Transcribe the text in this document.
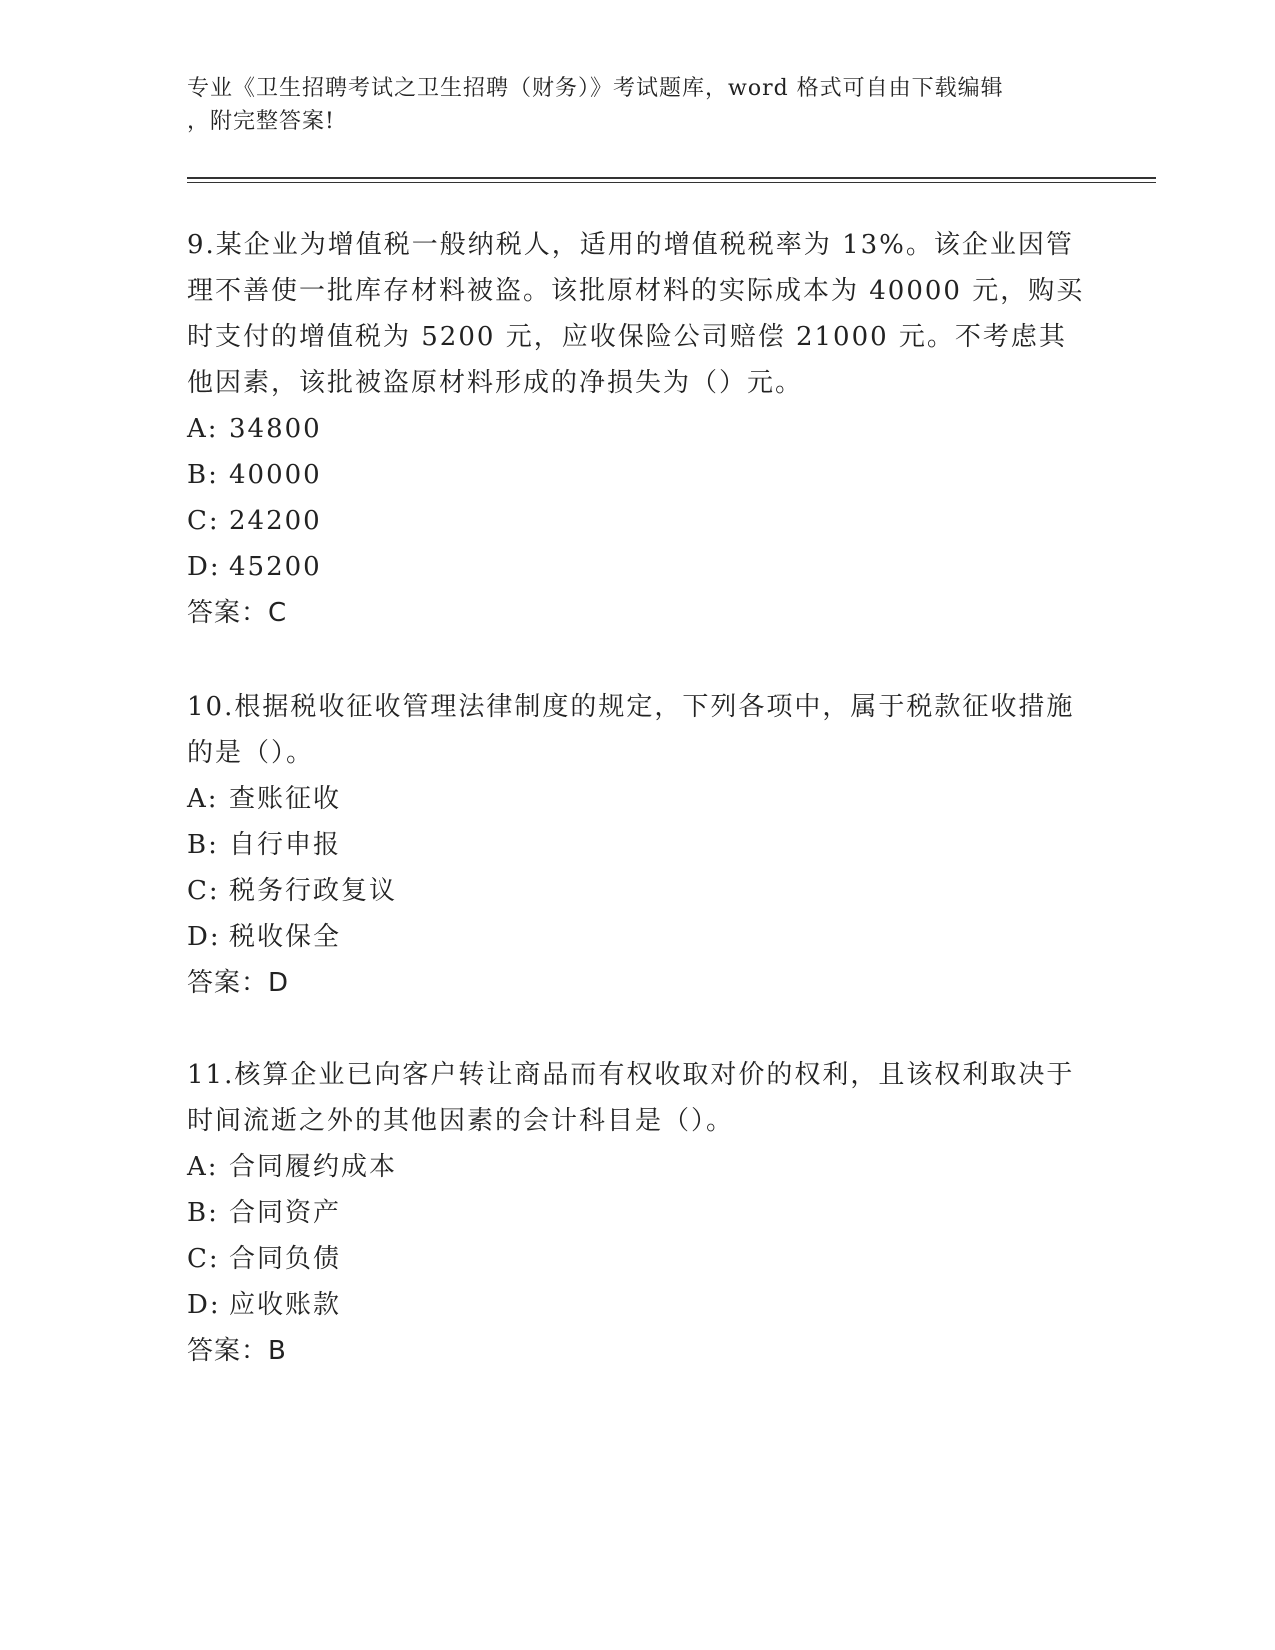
专业《卫生招聘考试之卫生招聘（财务）》考试题库，word 格式可自由下载编辑
，附完整答案!

9.某企业为增值税一般纳税人，适用的增值税税率为 13%。该企业因管理不善使一批库存材料被盗。该批原材料的实际成本为 40000 元，购买时支付的增值税为 5200 元，应收保险公司赔偿 21000 元。不考虑其他因素，该批被盗原材料形成的净损失为（）元。

A: 34800

B: 40000

C: 24200

D: 45200

答案：C

10.根据税收征收管理法律制度的规定，下列各项中，属于税款征收措施的是（）。

A: 查账征收

B: 自行申报

C: 税务行政复议

D: 税收保全

答案：D

11.核算企业已向客户转让商品而有权收取对价的权利，且该权利取决于时间流逝之外的其他因素的会计科目是（）。

A: 合同履约成本

B: 合同资产

C: 合同负债

D: 应收账款

答案：B
